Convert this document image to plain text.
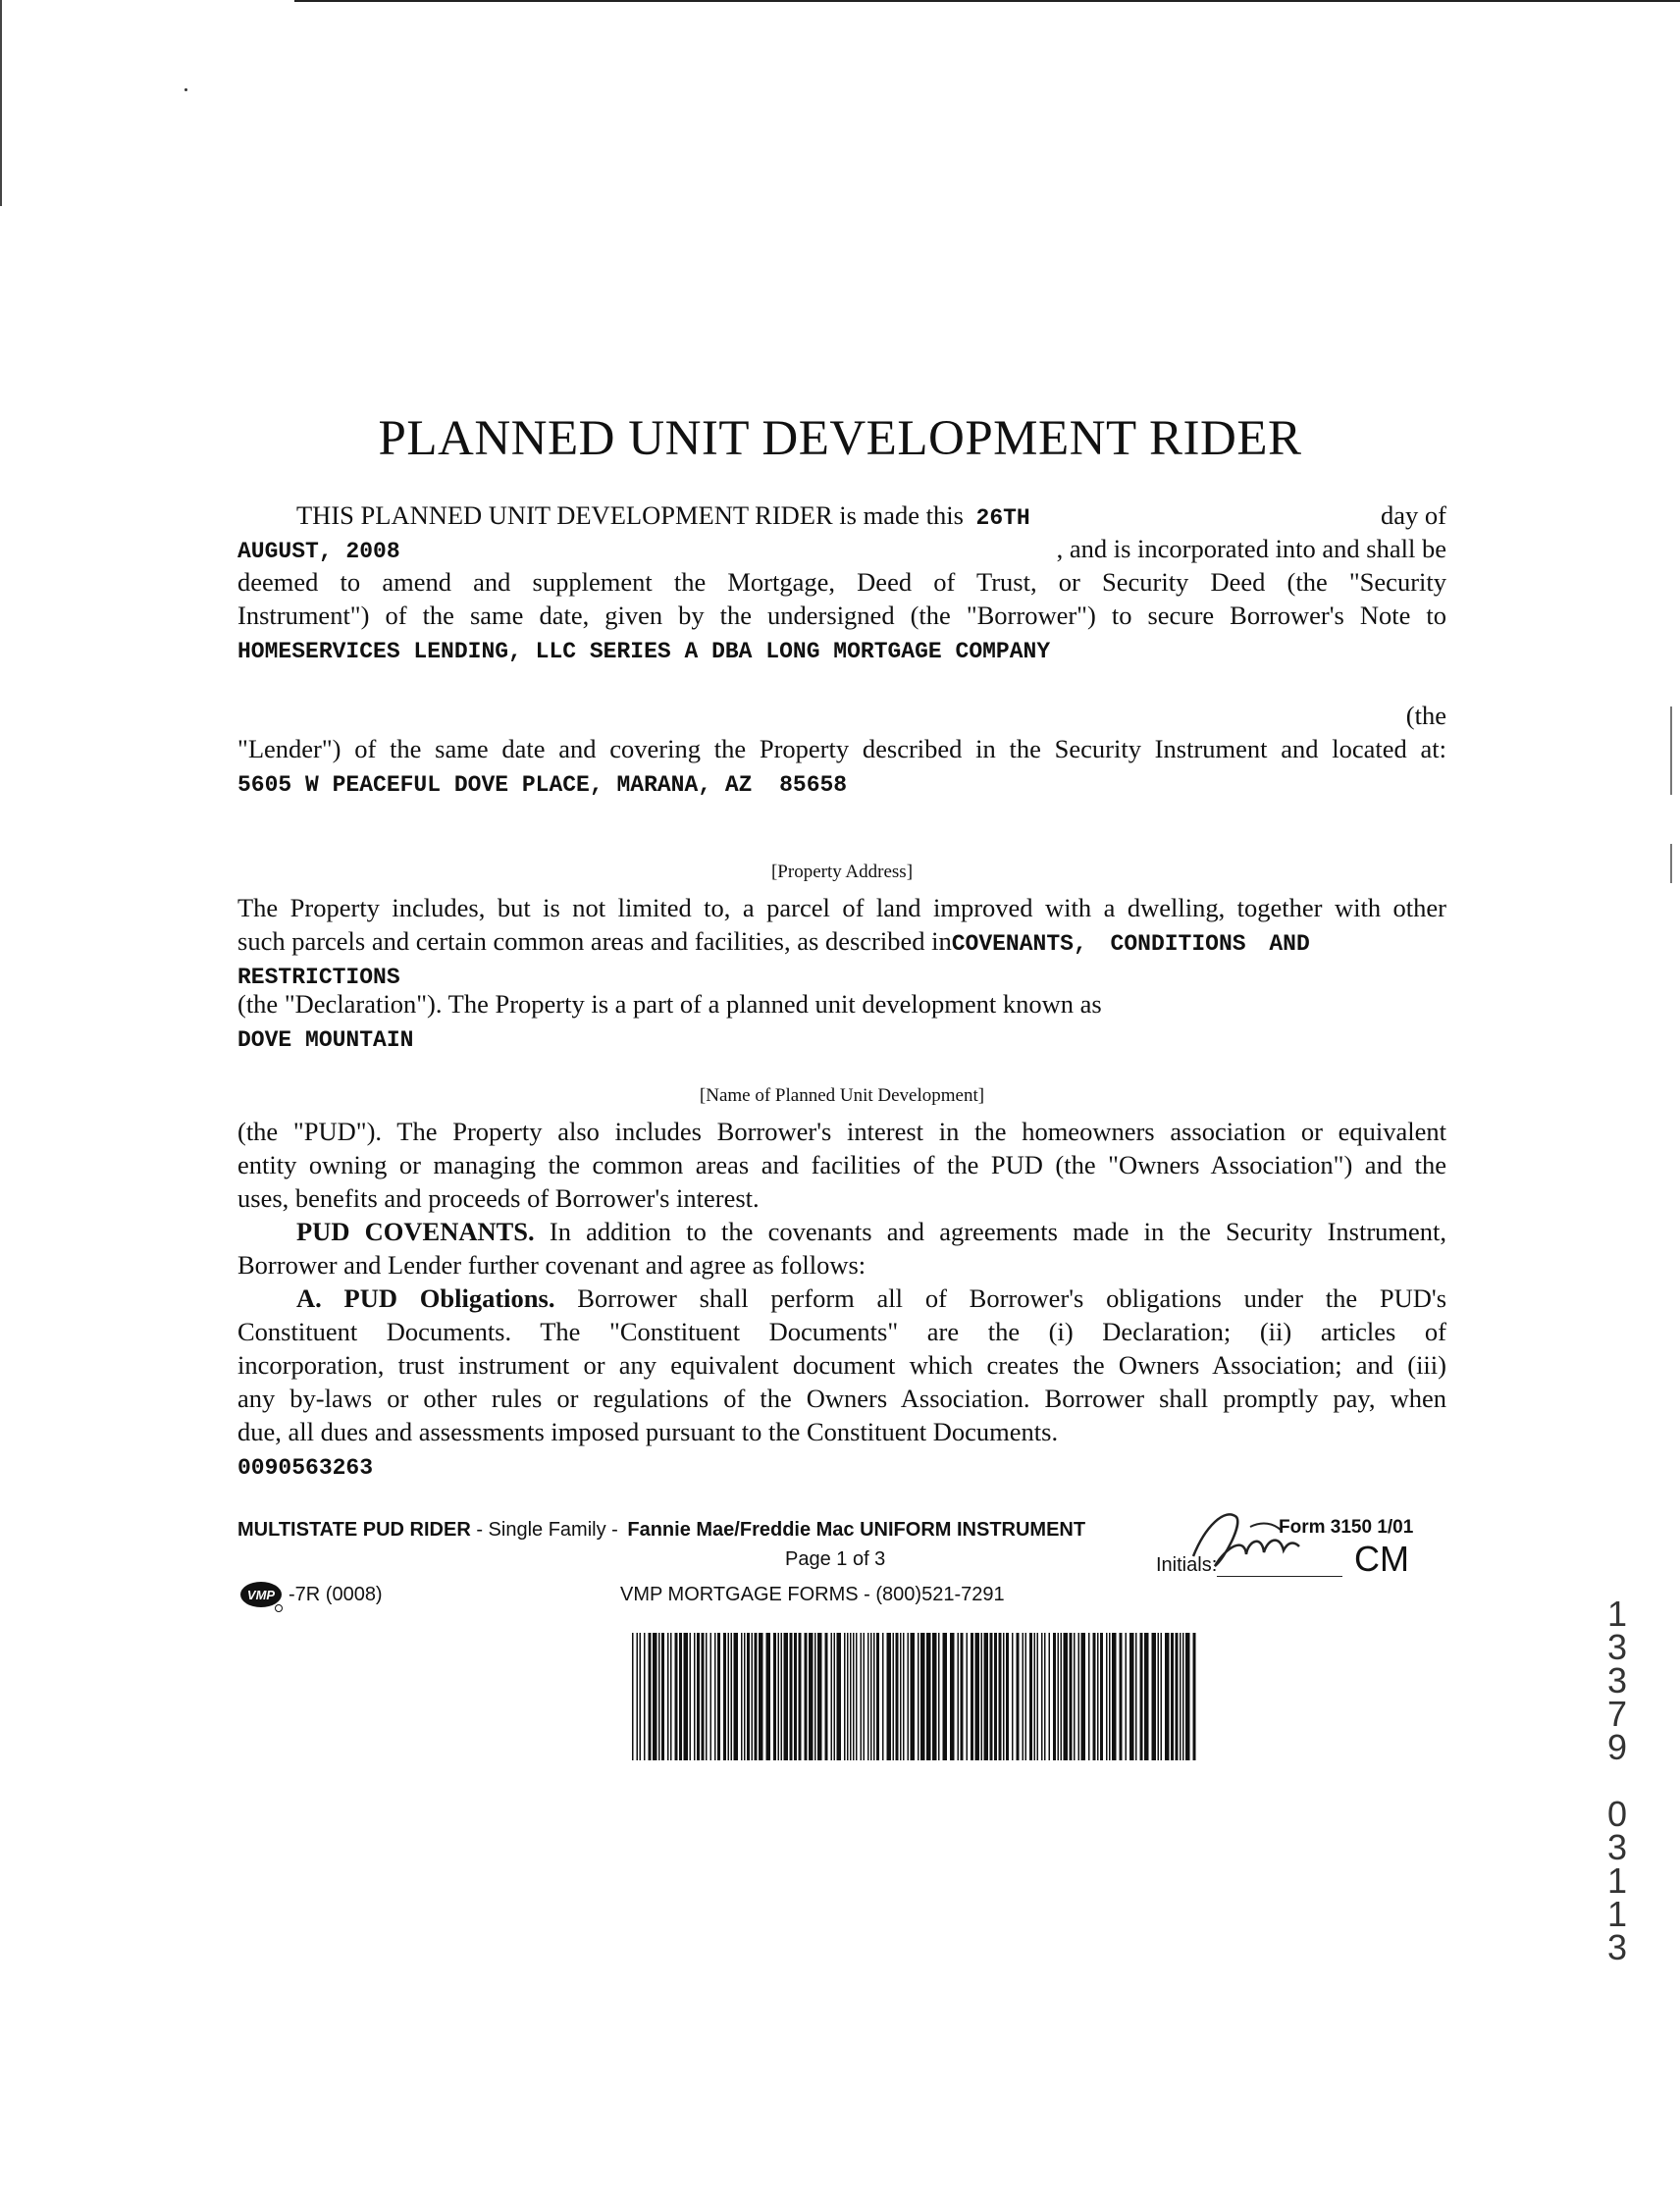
PLANNED UNIT DEVELOPMENT RIDER
THIS PLANNED UNIT DEVELOPMENT RIDER is made this 26TH	day of
AUGUST, 2008	, and is incorporated into and shall be
deemed to amend and supplement the Mortgage, Deed of Trust, or Security Deed (the "Security
Instrument") of the same date, given by the undersigned (the "Borrower") to secure Borrower's Note to
HOMESERVICES LENDING, LLC SERIES A DBA LONG MORTGAGE COMPANY
(the
"Lender") of the same date and covering the Property described in the Security Instrument and located at:
5605 W PEACEFUL DOVE PLACE, MARANA, AZ  85658
[Property Address]
The Property includes, but is not limited to, a parcel of land improved with a dwelling, together with other
such parcels and certain common areas and facilities, as described inCOVENANTS, CONDITIONS AND
RESTRICTIONS
(the "Declaration"). The Property is a part of a planned unit development known as
DOVE MOUNTAIN
[Name of Planned Unit Development]
(the "PUD"). The Property also includes Borrower's interest in the homeowners association or equivalent
entity owning or managing the common areas and facilities of the PUD (the "Owners Association") and the
uses, benefits and proceeds of Borrower's interest.
PUD COVENANTS. In addition to the covenants and agreements made in the Security Instrument,
Borrower and Lender further covenant and agree as follows:
A. PUD Obligations. Borrower shall perform all of Borrower's obligations under the PUD's
Constituent Documents. The "Constituent Documents" are the (i) Declaration; (ii) articles of
incorporation, trust instrument or any equivalent document which creates the Owners Association; and (iii)
any by-laws or other rules or regulations of the Owners Association. Borrower shall promptly pay, when
due, all dues and assessments imposed pursuant to the Constituent Documents.
0090563263
MULTISTATE PUD RIDER - Single Family - Fannie Mae/Freddie Mac UNIFORM INSTRUMENT	Form 3150 1/01
Page 1 of 3	Initials:	CM
VMP -7R (0008)	VMP MORTGAGE FORMS - (800)521-7291	1
3
3
7
9

0
3
1
1
3
